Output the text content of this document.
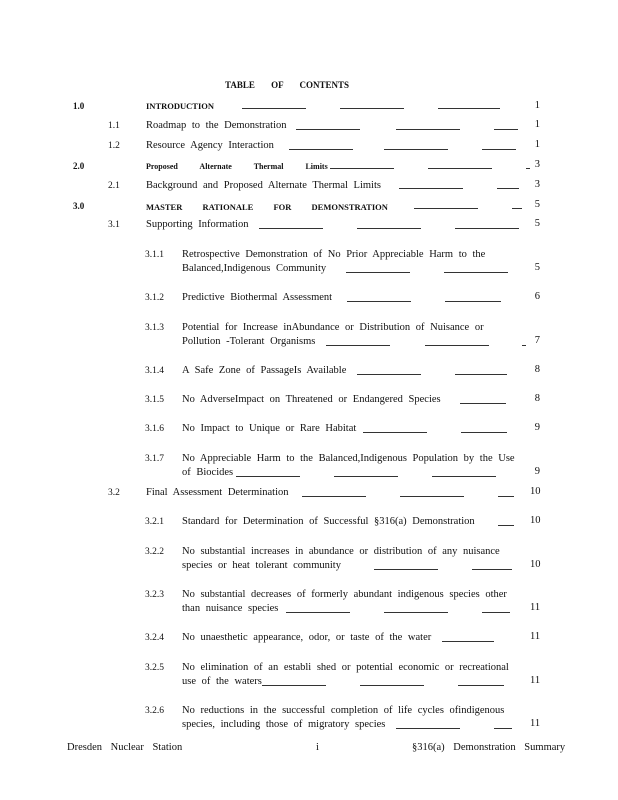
TABLE OF CONTENTS
1.0	INTRODUCTION	1
1.1 Roadmap to the Demonstration	1
1.2 Resource Agency Interaction	1
2.0	Proposed Alternate Thermal Limits	3
2.1 Background and Proposed Alternate Thermal Limits	3
3.0	MASTER RATIONALE FOR DEMONSTRATION	5
3.1 Supporting Information	5
3.1.1 Retrospective Demonstration of No Prior Appreciable Harm to the
Balanced,Indigenous Community	5
3.1.2 Predictive Biothermal Assessment	6
3.1.3 Potential for Increase inAbundance or Distribution of Nuisance or
Pollution -Tolerant Organisms	7
3.1.4 A Safe Zone of PassageIs Available	8
3.1.5 No AdverseImpact on Threatened or Endangered Species	8
3.1.6 No Impact to Unique or Rare Habitat	9
3.1.7 No Appreciable Harm to the Balanced,Indigenous Population by the Use
of Biocides	9
3.2 Final Assessment Determination	10
3.2.1 Standard for Determination of Successful §316(a) Demonstration	10
3.2.2 No substantial increases in abundance or distribution of any nuisance
species or heat tolerant community	10
3.2.3 No substantial decreases of formerly abundant indigenous species other
than nuisance species	11
3.2.4 No unaesthetic appearance, odor, or taste of the water	11
3.2.5 No elimination of an establi shed or potential economic or recreational
use of the waters	11
3.2.6 No reductions in the successful completion of life cycles ofindigenous
species, including those of migratory species	11
Dresden Nuclear Station	i	§316(a) Demonstration Summary
